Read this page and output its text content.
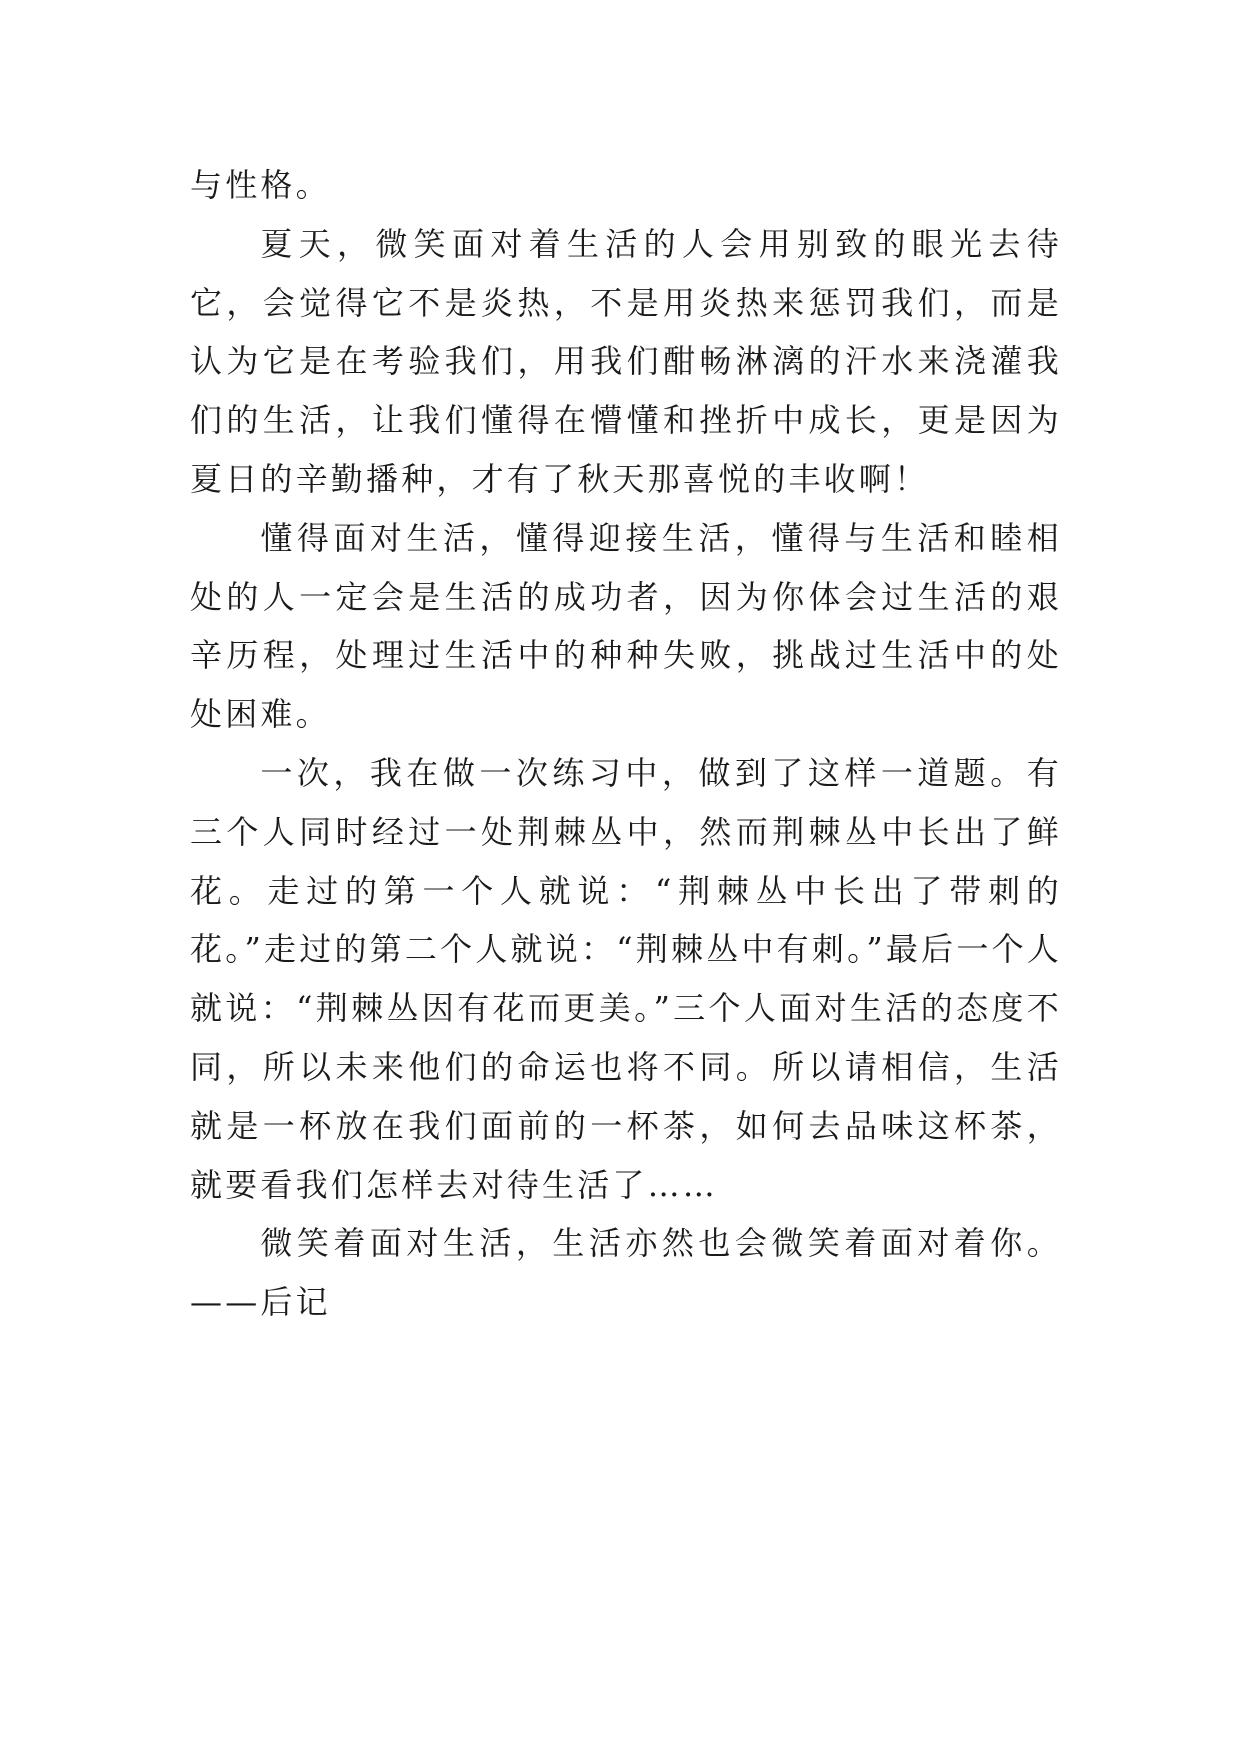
与性格。

夏天，微笑面对着生活的人会用别致的眼光去待它，会觉得它不是炎热，不是用炎热来惩罚我们，而是认为它是在考验我们，用我们酣畅淋漓的汗水来浇灌我们的生活，让我们懂得在懵懂和挫折中成长，更是因为夏日的辛勤播种，才有了秋天那喜悦的丰收啊！

懂得面对生活，懂得迎接生活，懂得与生活和睦相处的人一定会是生活的成功者，因为你体会过生活的艰辛历程，处理过生活中的种种失败，挑战过生活中的处处困难。

一次，我在做一次练习中，做到了这样一道题。有三个人同时经过一处荆棘丛中，然而荆棘丛中长出了鲜花。走过的第一个人就说：“荆棘丛中长出了带刺的花。”走过的第二个人就说：“荆棘丛中有刺。”最后一个人就说：“荆棘丛因有花而更美。”三个人面对生活的态度不同，所以未来他们的命运也将不同。所以请相信，生活就是一杯放在我们面前的一杯茶，如何去品味这杯茶，就要看我们怎样去对待生活了……

微笑着面对生活，生活亦然也会微笑着面对着你。——后记
